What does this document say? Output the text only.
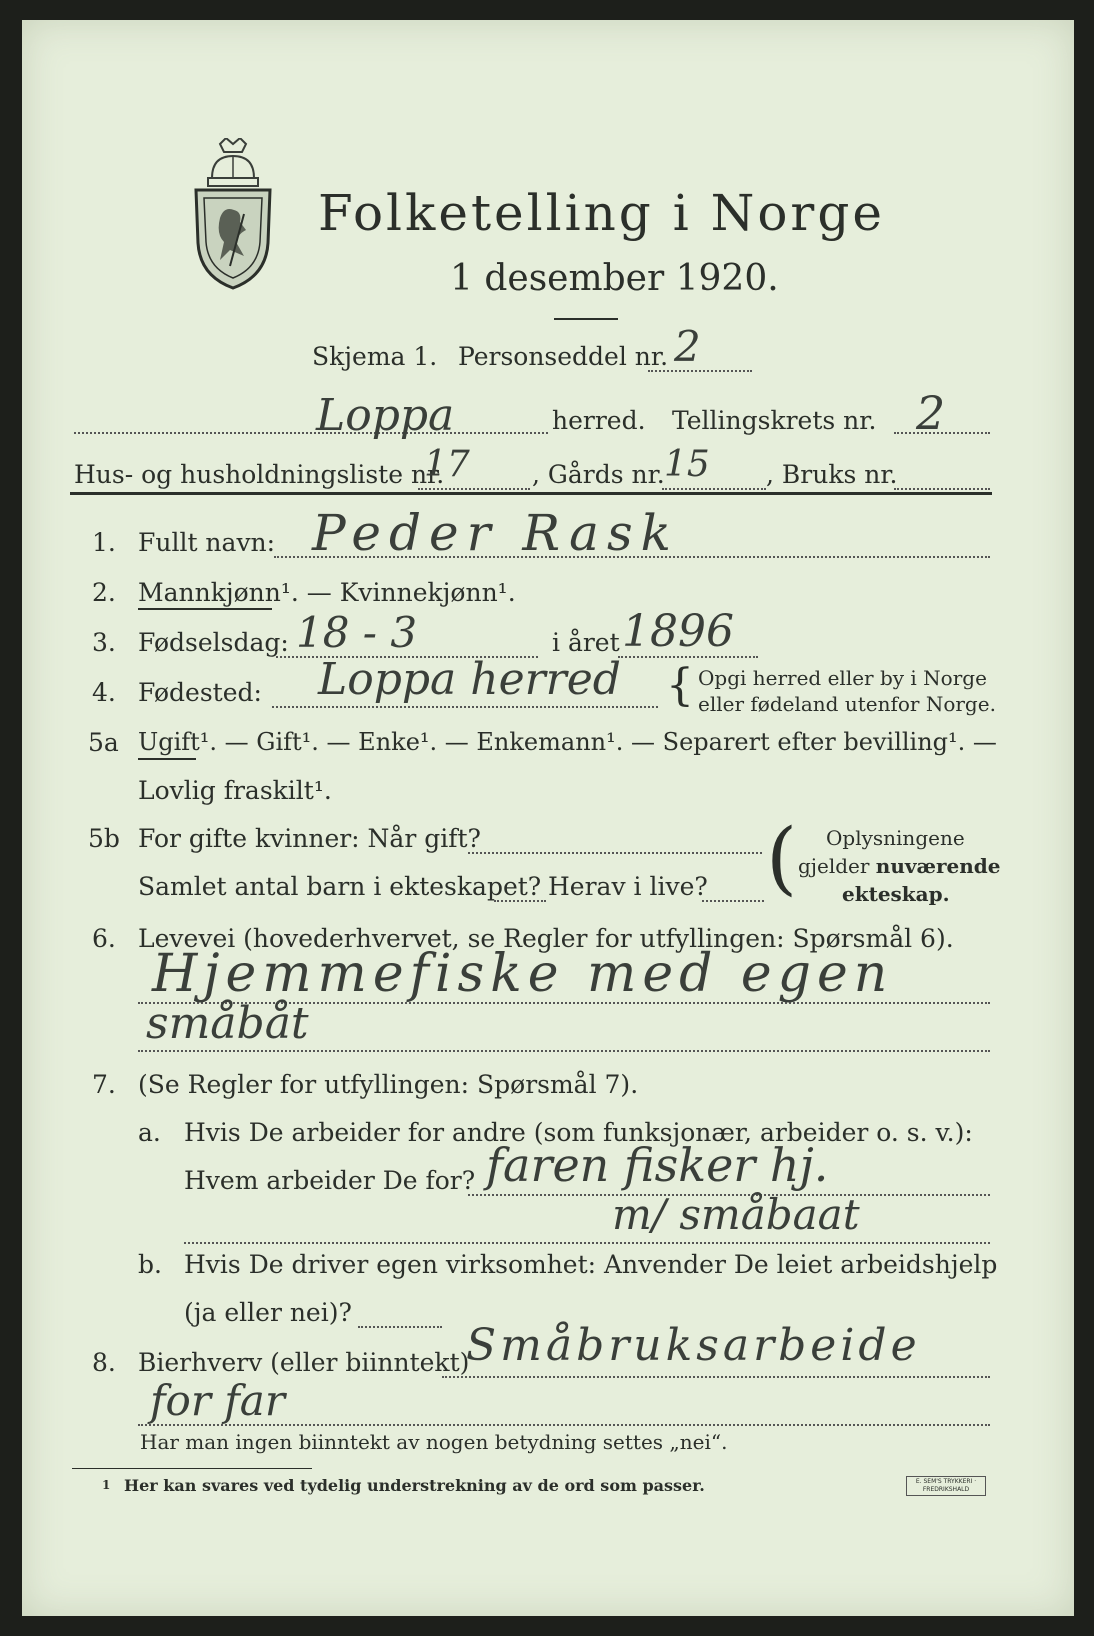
Folketelling i Norge
1 desember 1920.
Skjema 1. Personseddel nr. 2
Loppa	herred. Tellingskrets nr. 2
Hus- og husholdningsliste nr.
17 , Gårds nr. 15 , Bruks nr.
1. Fullt navn: Peder Rask
2. Mannkjønn¹. — Kvinnekjønn¹.
3. Fødselsdag: 18 - 3	i året 1896
4. Fødested: Loppa herred { Opgi herred eller by i Norge
eller fødeland utenfor Norge.
5a Ugift¹. — Gift¹. — Enke¹. — Enkemann¹. — Separert efter bevilling¹. —
Lovlig fraskilt¹.
5b For gifte kvinner: Når gift?
Samlet antal barn i ekteskapet? Herav i live? ( Oplysningene
gjelder nuværende
ekteskap.
6. Levevei (hovederhvervet, se Regler for utfyllingen: Spørsmål 6).
Hjemmefiske med egen
småbåt
7. (Se Regler for utfyllingen: Spørsmål 7).
a. Hvis De arbeider for andre (som funksjonær, arbeider o. s. v.):
Hvem arbeider De for? faren fisker hj.
m/ småbaat
b. Hvis De driver egen virksomhet: Anvender De leiet arbeidshjelp
(ja eller nei)?
8. Bierhverv (eller biinntekt)
Småbruksarbeide
for far
Har man ingen biinntekt av nogen betydning settes „nei“.
1 Her kan svares ved tydelig understrekning av de ord som passer.	E. SEM'S TRYKKERI · FREDRIKSHALD
